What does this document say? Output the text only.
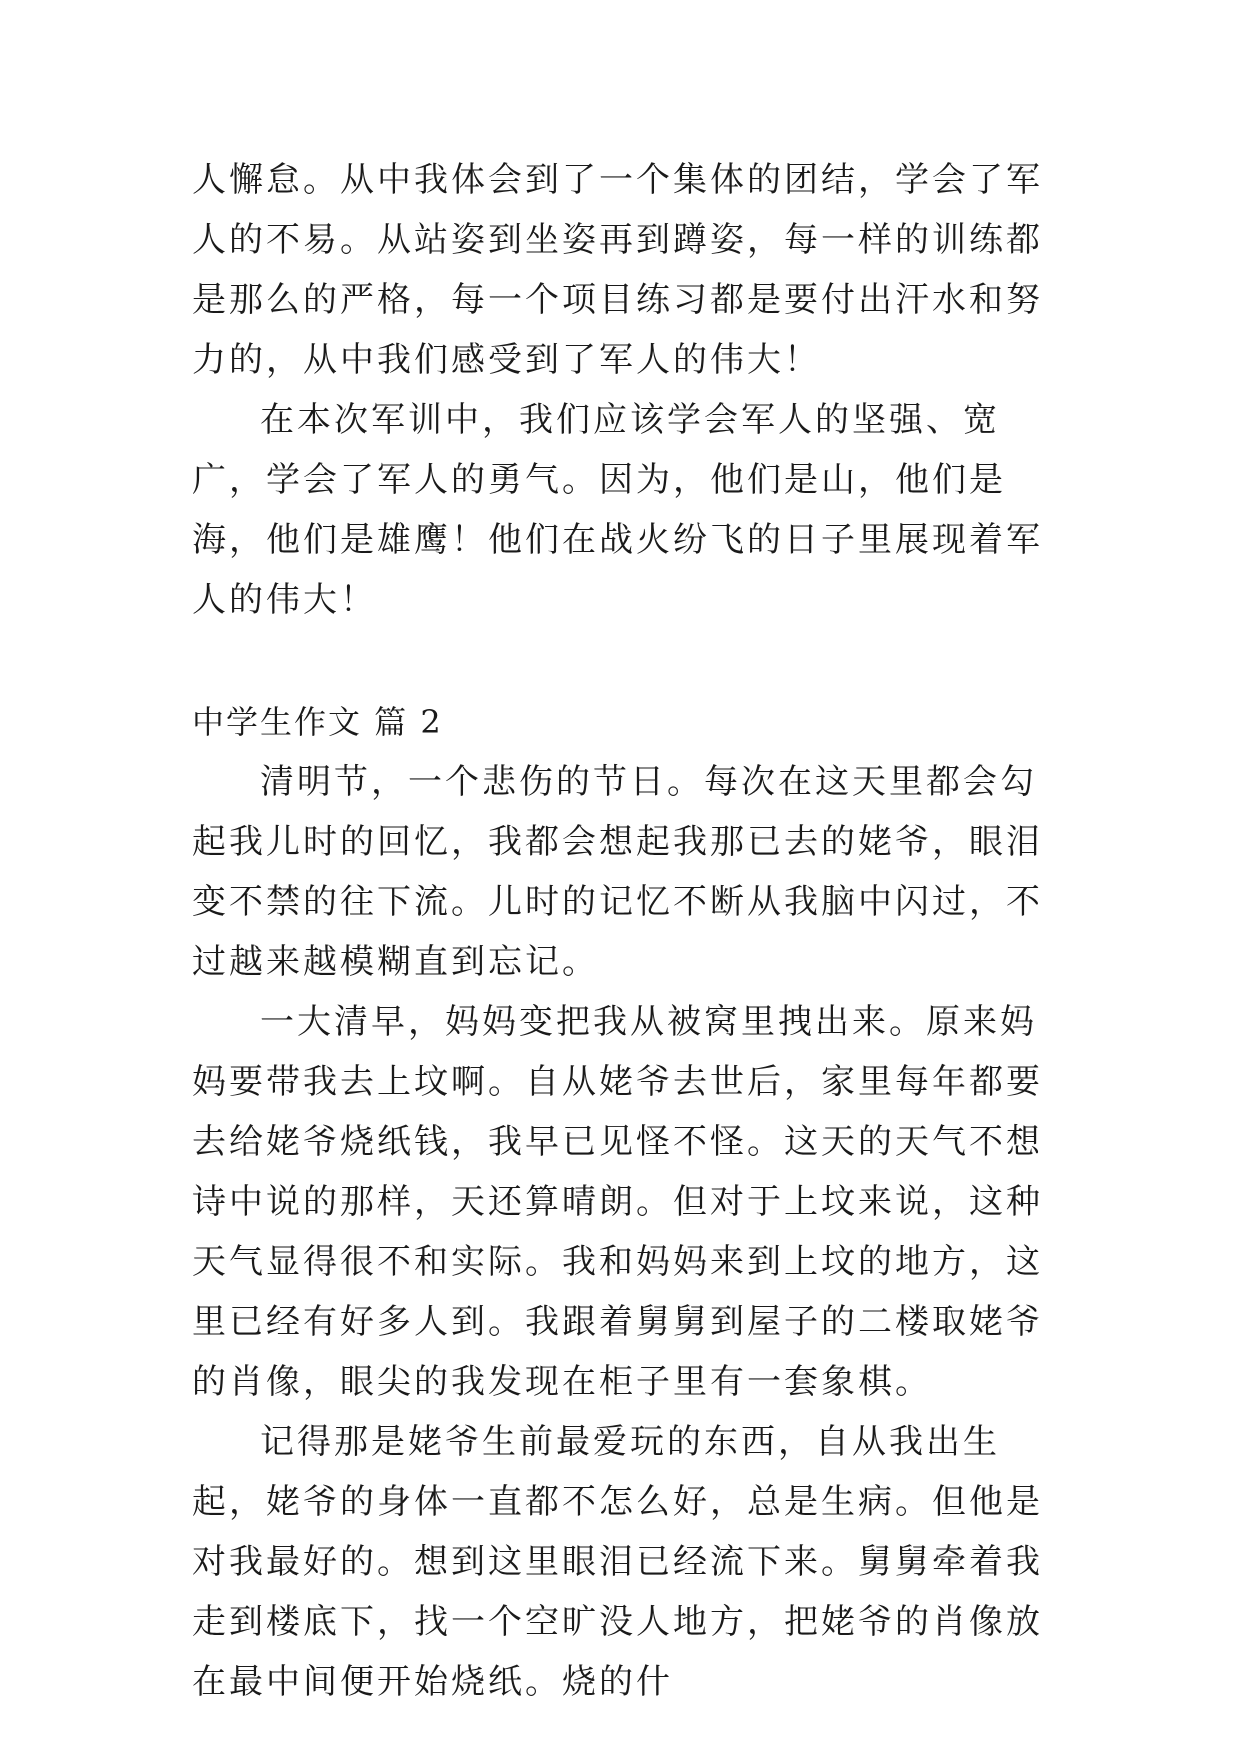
人懈怠。从中我体会到了一个集体的团结，学会了军人的不易。从站姿到坐姿再到蹲姿，每一样的训练都是那么的严格，每一个项目练习都是要付出汗水和努力的，从中我们感受到了军人的伟大！

在本次军训中，我们应该学会军人的坚强、宽广，学会了军人的勇气。因为，他们是山，他们是海，他们是雄鹰！他们在战火纷飞的日子里展现着军人的伟大！

中学生作文 篇 2

清明节，一个悲伤的节日。每次在这天里都会勾起我儿时的回忆，我都会想起我那已去的姥爷，眼泪变不禁的往下流。儿时的记忆不断从我脑中闪过，不过越来越模糊直到忘记。

一大清早，妈妈变把我从被窝里拽出来。原来妈妈要带我去上坟啊。自从姥爷去世后，家里每年都要去给姥爷烧纸钱，我早已见怪不怪。这天的天气不想诗中说的那样，天还算晴朗。但对于上坟来说，这种天气显得很不和实际。我和妈妈来到上坟的地方，这里已经有好多人到。我跟着舅舅到屋子的二楼取姥爷的肖像，眼尖的我发现在柜子里有一套象棋。

记得那是姥爷生前最爱玩的东西，自从我出生起，姥爷的身体一直都不怎么好，总是生病。但他是对我最好的。想到这里眼泪已经流下来。舅舅牵着我走到楼底下，找一个空旷没人地方，把姥爷的肖像放在最中间便开始烧纸。烧的什
